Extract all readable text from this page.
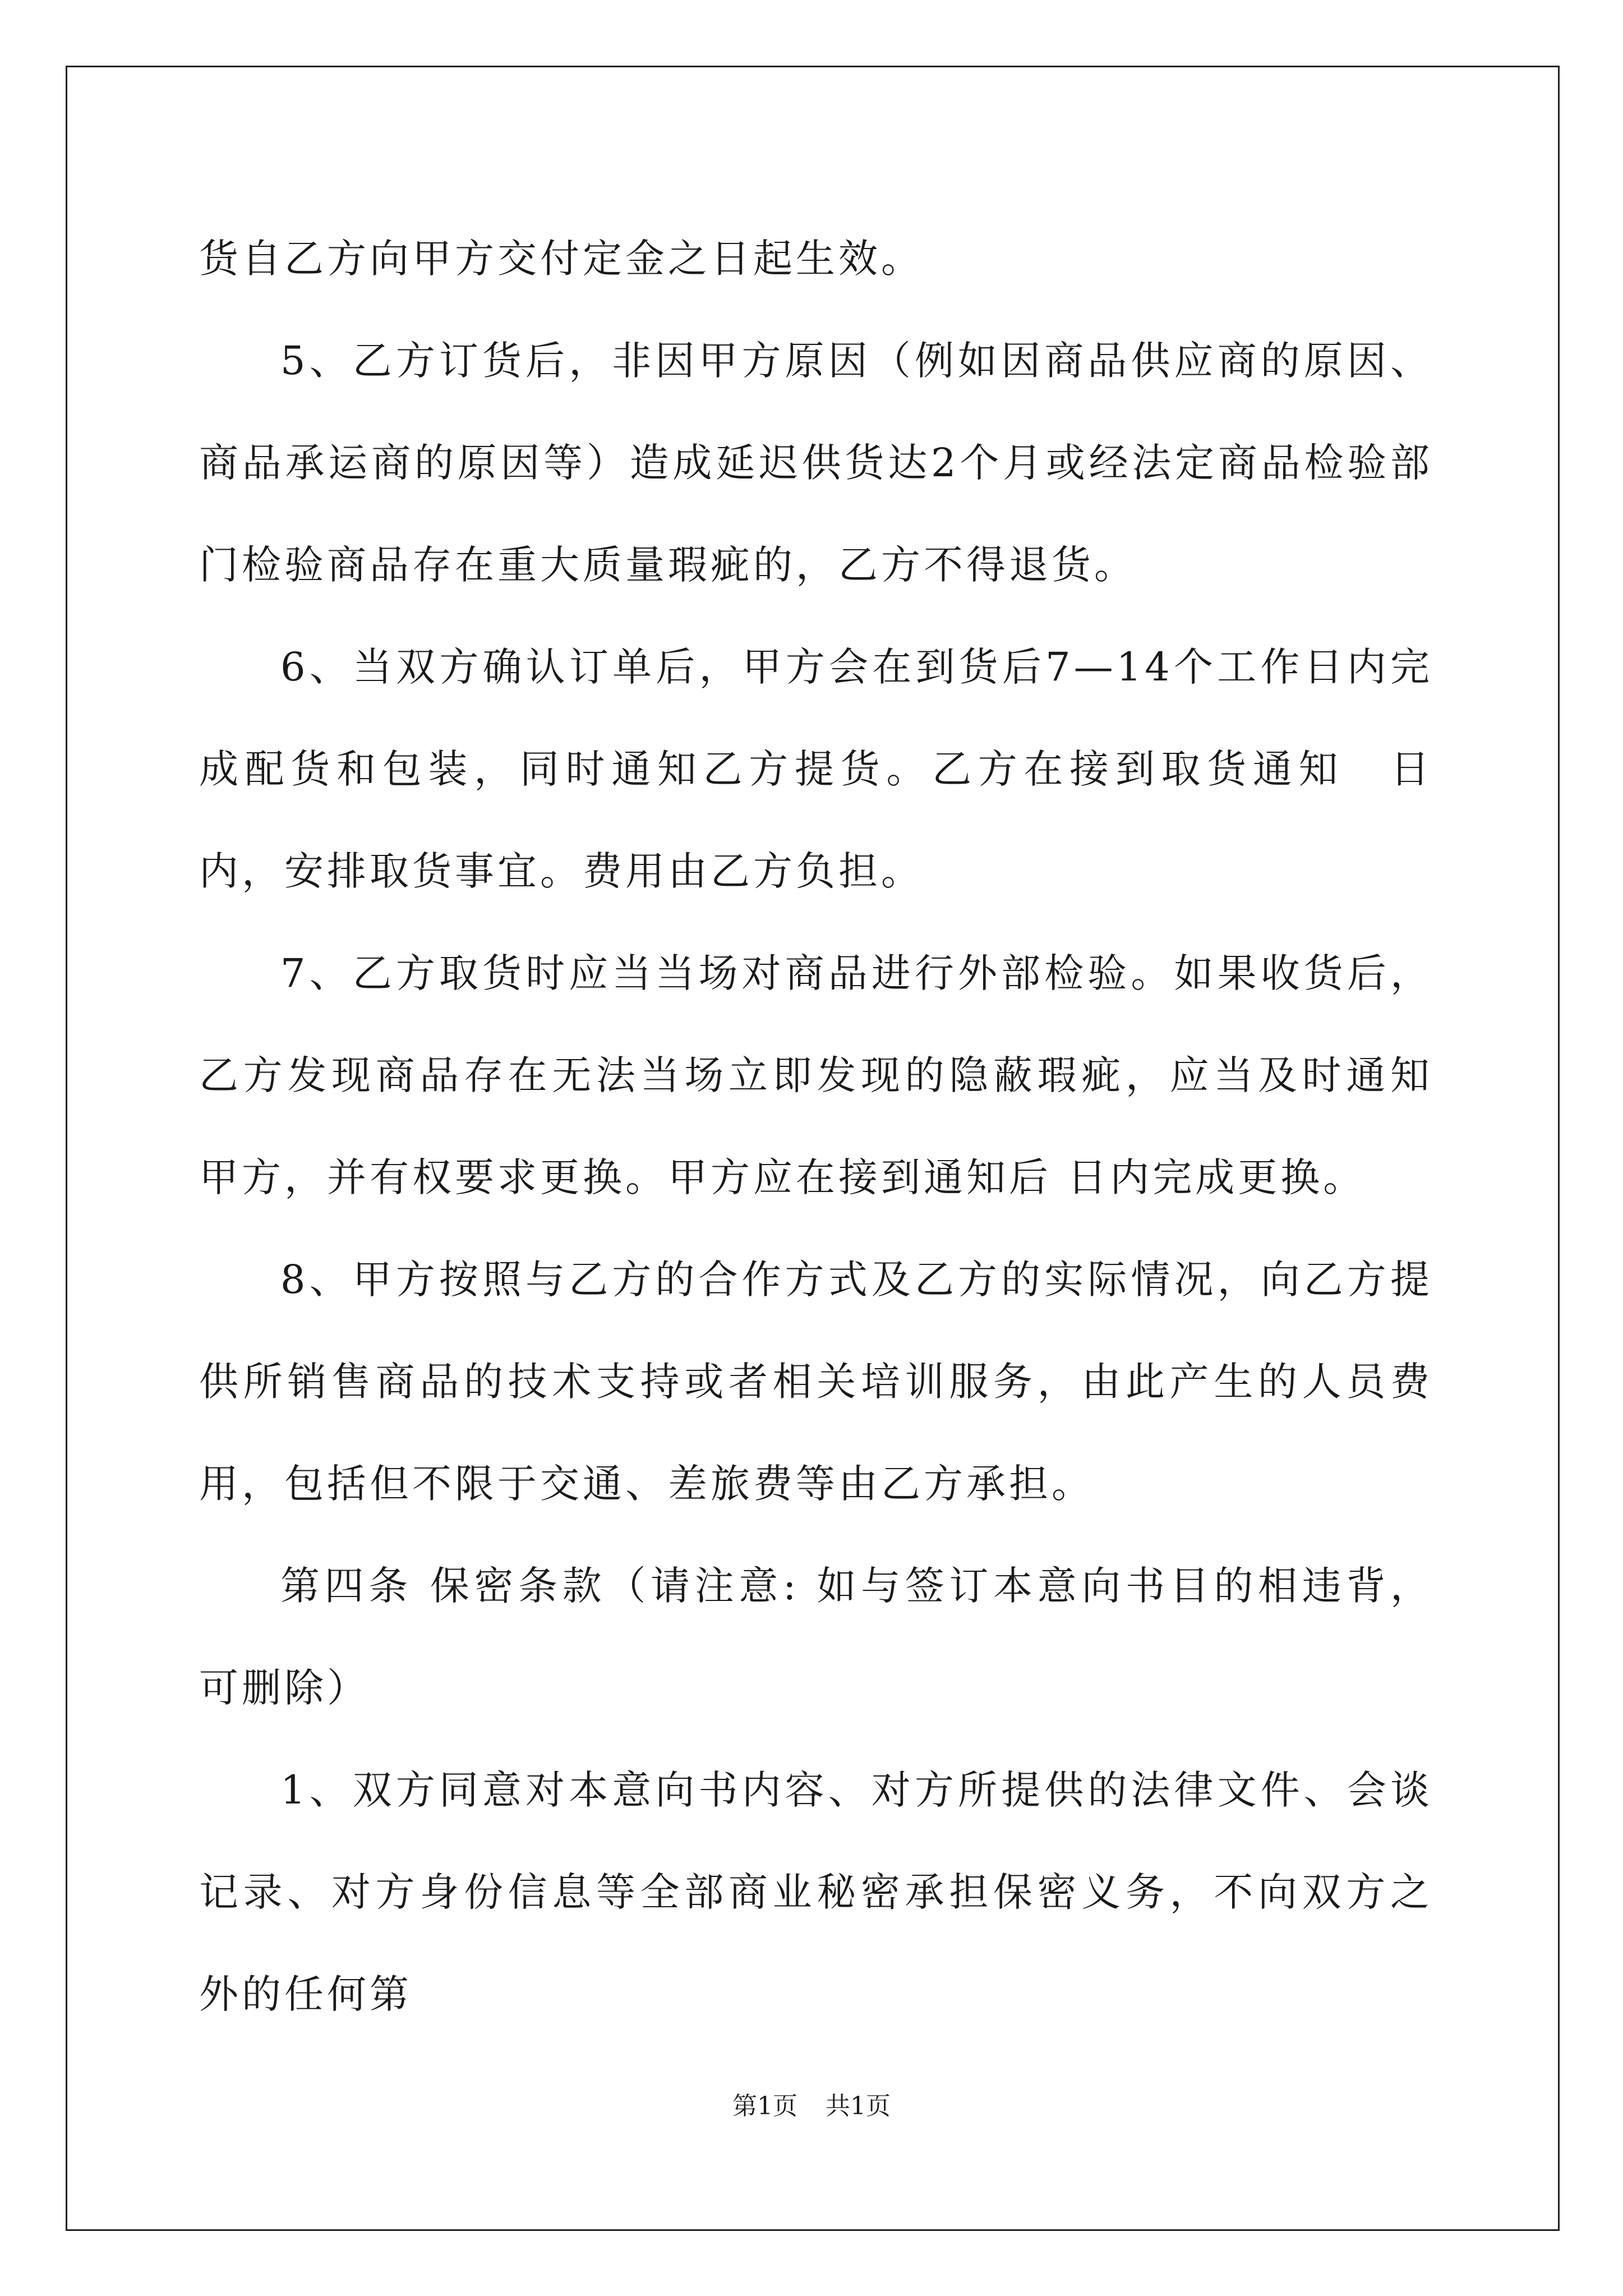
货自乙方向甲方交付定金之日起生效。

5、乙方订货后，非因甲方原因（例如因商品供应商的原因、商品承运商的原因等）造成延迟供货达2个月或经法定商品检验部门检验商品存在重大质量瑕疵的，乙方不得退货。

6、当双方确认订单后，甲方会在到货后7—14个工作日内完成配货和包装，同时通知乙方提货。乙方在接到取货通知　日内，安排取货事宜。费用由乙方负担。

7、乙方取货时应当当场对商品进行外部检验。如果收货后，乙方发现商品存在无法当场立即发现的隐蔽瑕疵，应当及时通知甲方，并有权要求更换。甲方应在接到通知后 日内完成更换。

8、甲方按照与乙方的合作方式及乙方的实际情况，向乙方提供所销售商品的技术支持或者相关培训服务，由此产生的人员费用，包括但不限于交通、差旅费等由乙方承担。

第四条 保密条款（请注意: 如与签订本意向书目的相违背，可删除）

1、双方同意对本意向书内容、对方所提供的法律文件、会谈记录、对方身份信息等全部商业秘密承担保密义务，不向双方之外的任何第

第1页 共1页
